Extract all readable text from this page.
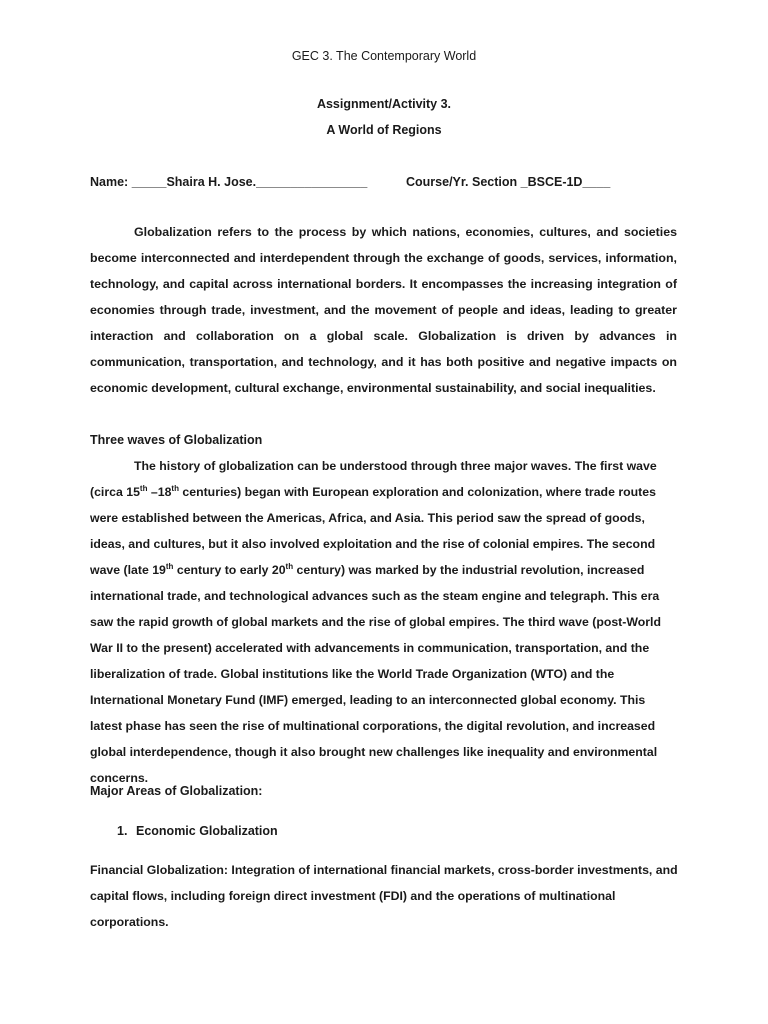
GEC 3. The Contemporary World
Assignment/Activity 3.
A World of Regions
Name: _____Shaira H. Jose.________________	Course/Yr. Section _BSCE-1D____
Globalization refers to the process by which nations, economies, cultures, and societies become interconnected and interdependent through the exchange of goods, services, information, technology, and capital across international borders. It encompasses the increasing integration of economies through trade, investment, and the movement of people and ideas, leading to greater interaction and collaboration on a global scale. Globalization is driven by advances in communication, transportation, and technology, and it has both positive and negative impacts on economic development, cultural exchange, environmental sustainability, and social inequalities.
Three waves of Globalization
The history of globalization can be understood through three major waves. The first wave (circa 15th –18th centuries) began with European exploration and colonization, where trade routes were established between the Americas, Africa, and Asia. This period saw the spread of goods, ideas, and cultures, but it also involved exploitation and the rise of colonial empires. The second wave (late 19th century to early 20th century) was marked by the industrial revolution, increased international trade, and technological advances such as the steam engine and telegraph. This era saw the rapid growth of global markets and the rise of global empires. The third wave (post-World War II to the present) accelerated with advancements in communication, transportation, and the liberalization of trade. Global institutions like the World Trade Organization (WTO) and the International Monetary Fund (IMF) emerged, leading to an interconnected global economy. This latest phase has seen the rise of multinational corporations, the digital revolution, and increased global interdependence, though it also brought new challenges like inequality and environmental concerns.
Major Areas of Globalization:
1. Economic Globalization
Financial Globalization: Integration of international financial markets, cross-border investments, and capital flows, including foreign direct investment (FDI) and the operations of multinational corporations.
